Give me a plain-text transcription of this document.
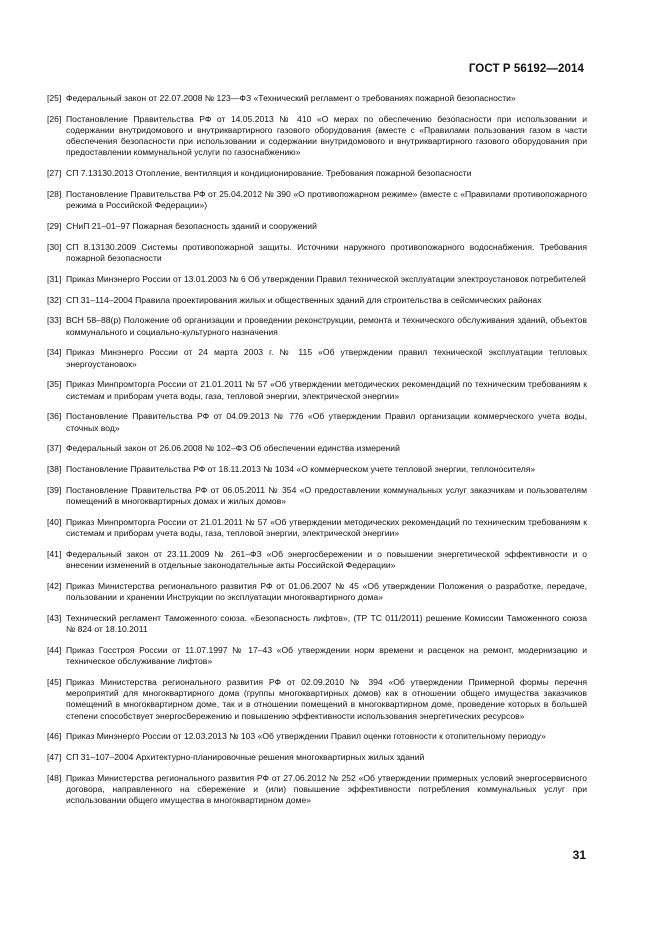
ГОСТ Р 56192—2014
[25] Федеральный закон от 22.07.2008 № 123—ФЗ «Технический регламент о требованиях пожарной безопасности»
[26] Постановление Правительства РФ от 14.05.2013 № 410 «О мерах по обеспечению безопасности при использовании и содержании внутридомового и внутриквартирного газового оборудования (вместе с «Правилами пользования газом в части обеспечения безопасности при использовании и содержании внутридомового и внутриквартирного газового оборудования при предоставлении коммунальной услуги по газоснабжению»
[27] СП 7.13130.2013 Отопление, вентиляция и кондиционирование. Требования пожарной безопасности
[28] Постановление Правительства РФ от 25.04.2012 № 390 «О противопожарном режиме» (вместе с «Правилами противопожарного режима в Российской Федерации»)
[29] СНиП 21–01–97 Пожарная безопасность зданий и сооружений
[30] СП 8.13130.2009 Системы противопожарной защиты. Источники наружного противопожарного водоснабжения. Требования пожарной безопасности
[31] Приказ Минэнерго России от 13.01.2003 № 6 Об утверждении Правил технической эксплуатации электроустановок потребителей
[32] СП 31–114–2004 Правила проектирования жилых и общественных зданий для строительства в сейсмических районах
[33] ВСН 58–88(р) Положение об организации и проведении реконструкции, ремонта и технического обслуживания зданий, объектов коммунального и социально-культурного назначения
[34] Приказ Минэнерго России от 24 марта 2003 г. № 115 «Об утверждении правил технической эксплуатации тепловых энергоустановок»
[35] Приказ Минпромторга России от 21.01.2011 № 57 «Об утверждении методических рекомендаций по техническим требованиям к системам и приборам учета воды, газа, тепловой энергии, электрической энергии»
[36] Постановление Правительства РФ от 04.09.2013 № 776 «Об утверждении Правил организации коммерческого учета воды, сточных вод»
[37] Федеральный закон от 26.06.2008 № 102–ФЗ Об обеспечении единства измерений
[38] Постановление Правительства РФ от 18.11.2013 № 1034 «О коммерческом учете тепловой энергии, теплоносителя»
[39] Постановление Правительства РФ от 06.05.2011 № 354 «О предоставлении коммунальных услуг заказчикам и пользователям помещений в многоквартирных домах и жилых домов»
[40] Приказ Минпромторга России от 21.01.2011 № 57 «Об утверждении методических рекомендаций по техническим требованиям к системам и приборам учета воды, газа, тепловой энергии, электрической энергии»
[41] Федеральный закон от 23.11.2009 № 261–ФЗ «Об энергосбережении и о повышении энергетической эффективности и о внесении изменений в отдельные законодательные акты Российской Федерации»
[42] Приказ Министерства регионального развития РФ от 01.06.2007 № 45 «Об утверждении Положения о разработке, передаче, пользовании и хранении Инструкции по эксплуатации многоквартирного дома»
[43] Технический регламент Таможенного союза. «Безопасность лифтов», (ТР ТС 011/2011) решение Комиссии Таможенного союза № 824 от 18.10.2011
[44] Приказ Госстроя России от 11.07.1997 № 17–43 «Об утверждении норм времени и расценок на ремонт, модернизацию и техническое обслуживание лифтов»
[45] Приказ Министерства регионального развития РФ от 02.09.2010 № 394 «Об утверждении Примерной формы перечня мероприятий для многоквартирного дома (группы многоквартирных домов) как в отношении общего имущества заказчиков помещений в многоквартирном доме, так и в отношении помещений в многоквартирном доме, проведение которых в большей степени способствует энергосбережению и повышению эффективности использования энергетических ресурсов»
[46] Приказ Минэнерго России от 12.03.2013 № 103 «Об утверждении Правил оценки готовности к отопительному периоду»
[47] СП 31–107–2004 Архитектурно-планировочные решения многоквартирных жилых зданий
[48] Приказ Министерства регионального развития РФ от 27.06.2012 № 252 «Об утверждении примерных условий энергосервисного договора, направленного на сбережение и (или) повышение эффективности потребления коммунальных услуг при использовании общего имущества в многоквартирном доме»
31
